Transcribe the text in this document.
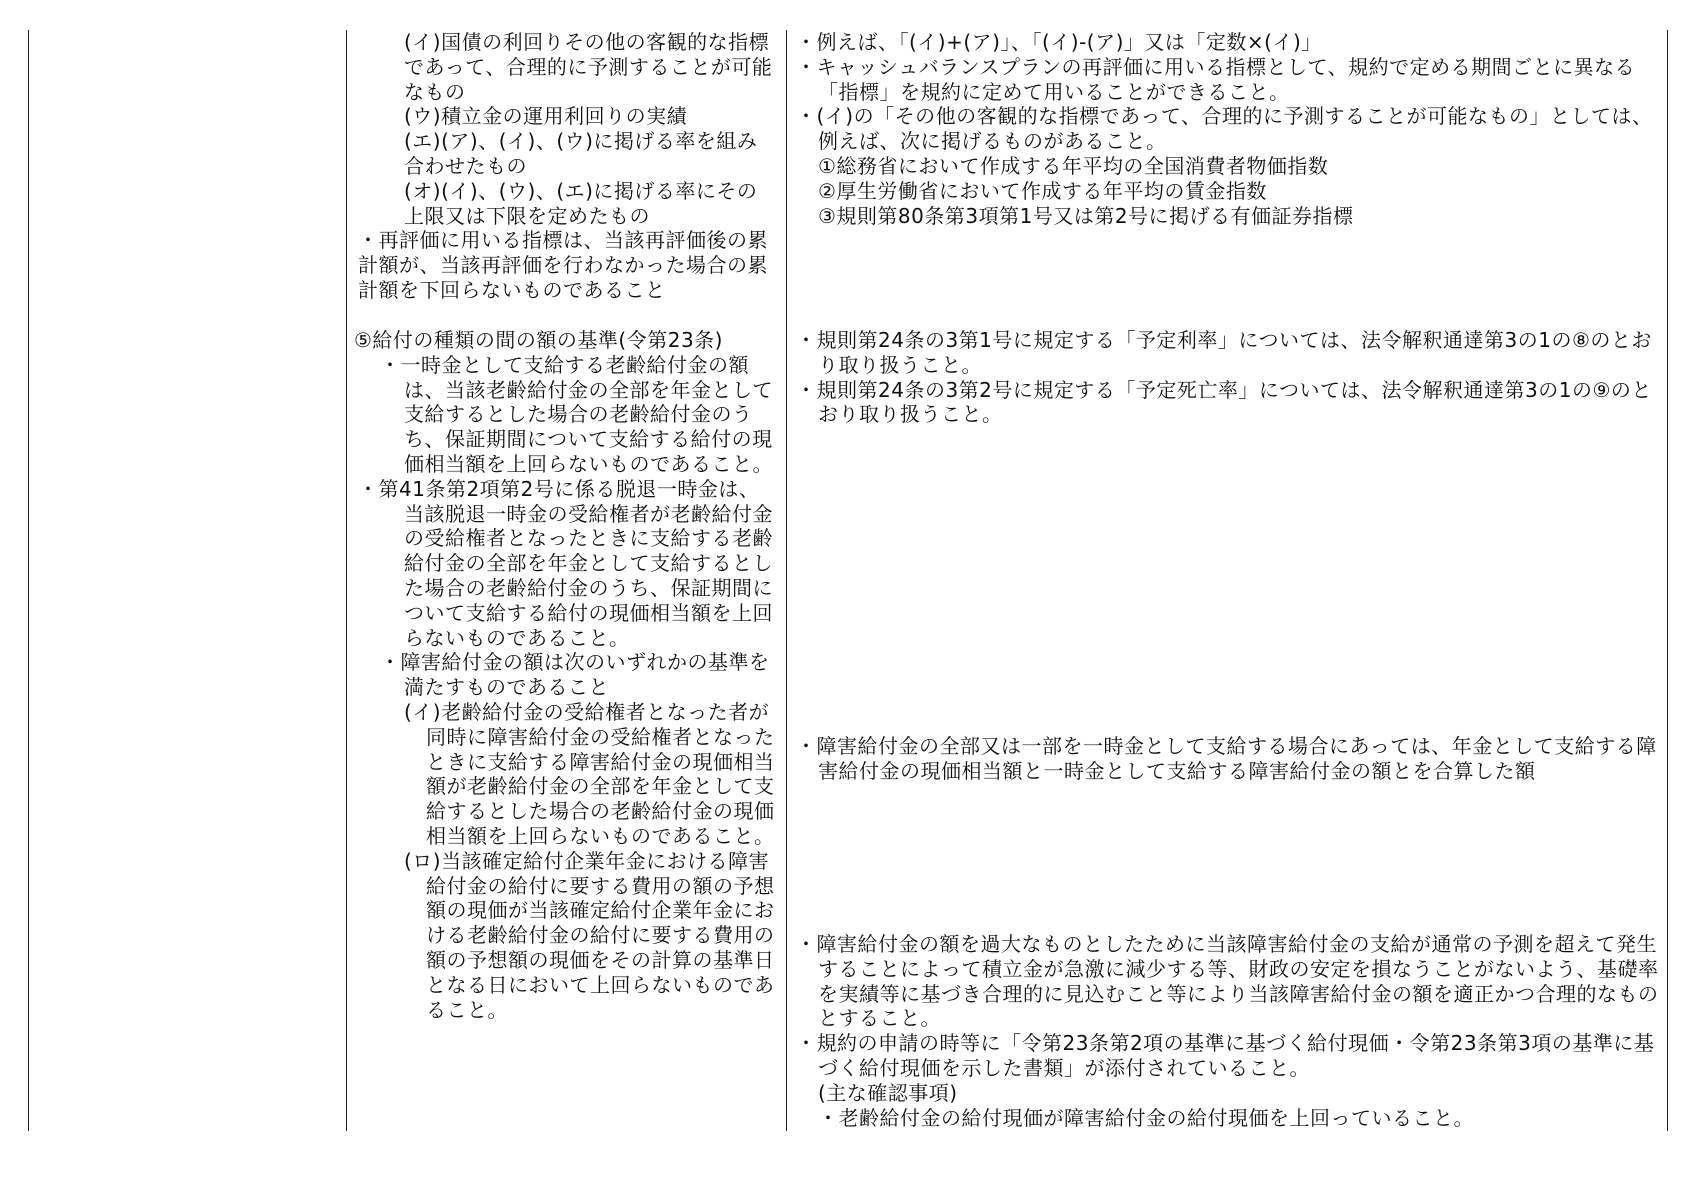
(イ)国債の利回りその他の客観的な指標であって、合理的に予測することが可能なもの
(ウ)積立金の運用利回りの実績
(エ)(ア)、(イ)、(ウ)に掲げる率を組み合わせたもの
(オ)(イ)、(ウ)、(エ)に掲げる率にその上限又は下限を定めたもの
・再評価に用いる指標は、当該再評価後の累計額が、当該再評価を行わなかった場合の累計額を下回らないものであること
⑤給付の種類の間の額の基準(令第23条)
・一時金として支給する老齢給付金の額は、当該老齢給付金の全部を年金として支給するとした場合の老齢給付金のうち、保証期間について支給する給付の現価相当額を上回らないものであること。
・第41条第2項第2号に係る脱退一時金は、当該脱退一時金の受給権者が老齢給付金の受給権者となったときに支給する老齢給付金の全部を年金として支給するとした場合の老齢給付金のうち、保証期間について支給する給付の現価相当額を上回らないものであること。
・障害給付金の額は次のいずれかの基準を満たすものであること
(イ)老齢給付金の受給権者となった者が同時に障害給付金の受給権者となったときに支給する障害給付金の現価相当額が老齢給付金の全部を年金として支給するとした場合の老齢給付金の現価相当額を上回らないものであること。
(ロ)当該確定給付企業年金における障害給付金の給付に要する費用の額の予想額の現価が当該確定給付企業年金における老齢給付金の給付に要する費用の額の予想額の現価をその計算の基準日となる日において上回らないものであること。
・例えば、「(イ)+(ア)」、「(イ)-(ア)」又は「定数×(イ)」
・キャッシュバランスプランの再評価に用いる指標として、規約で定める期間ごとに異なる「指標」を規約に定めて用いることができること。
・(イ)の「その他の客観的な指標であって、合理的に予測することが可能なもの」としては、例えば、次に掲げるものがあること。
①総務省において作成する年平均の全国消費者物価指数
②厚生労働省において作成する年平均の賃金指数
③規則第80条第3項第1号又は第2号に掲げる有価証券指標
・規則第24条の3第1号に規定する「予定利率」については、法令解釈通達第3の1の⑧のとおり取り扱うこと。
・規則第24条の3第2号に規定する「予定死亡率」については、法令解釈通達第3の1の⑨のとおり取り扱うこと。
・障害給付金の全部又は一部を一時金として支給する場合にあっては、年金として支給する障害給付金の現価相当額と一時金として支給する障害給付金の額とを合算した額
・障害給付金の額を過大なものとしたために当該障害給付金の支給が通常の予測を超えて発生することによって積立金が急激に減少する等、財政の安定を損なうことがないよう、基礎率を実績等に基づき合理的に見込むこと等により当該障害給付金の額を適正かつ合理的なものとすること。
・規約の申請の時等に「令第23条第2項の基準に基づく給付現価・令第23条第3項の基準に基づく給付現価を示した書類」が添付されていること。
(主な確認事項)
・老齢給付金の給付現価が障害給付金の給付現価を上回っていること。
